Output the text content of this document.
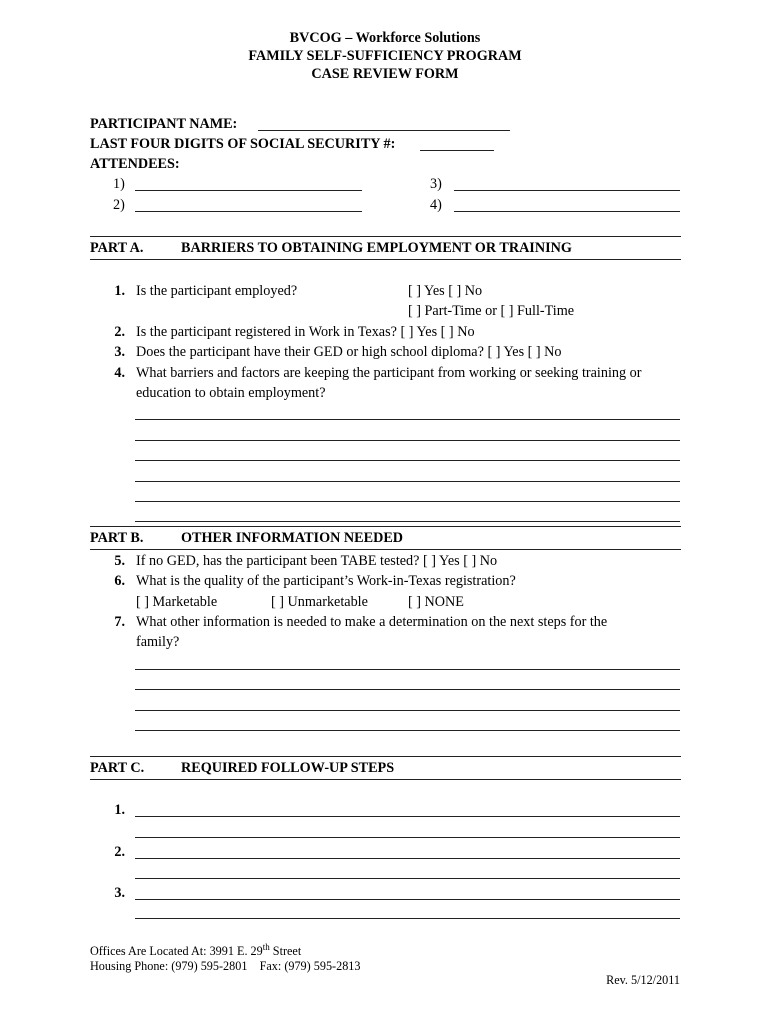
BVCOG – Workforce Solutions
FAMILY SELF-SUFFICIENCY PROGRAM
CASE REVIEW FORM
PARTICIPANT NAME:
LAST FOUR DIGITS OF SOCIAL SECURITY #:
ATTENDEES:
1)	3)
2)	4)
PART A.	BARRIERS TO OBTAINING EMPLOYMENT OR TRAINING
1. Is the participant employed?	[ ] Yes [ ] No
[ ] Part-Time or [ ] Full-Time
2. Is the participant registered in Work in Texas? [ ] Yes [ ] No
3. Does the participant have their GED or high school diploma? [ ] Yes [ ] No
4. What barriers and factors are keeping the participant from working or seeking training or
education to obtain employment?
PART B.	OTHER INFORMATION NEEDED
5. If no GED, has the participant been TABE tested? [ ] Yes [ ] No
6. What is the quality of the participant’s Work-in-Texas registration?
[ ] Marketable	[ ] Unmarketable	[ ] NONE
7. What other information is needed to make a determination on the next steps for the
family?
PART C.	REQUIRED FOLLOW-UP STEPS
1.
2.
3.
Offices Are Located At: 3991 E. 29th Street
Housing Phone: (979) 595-2801    Fax: (979) 595-2813
Rev. 5/12/2011
